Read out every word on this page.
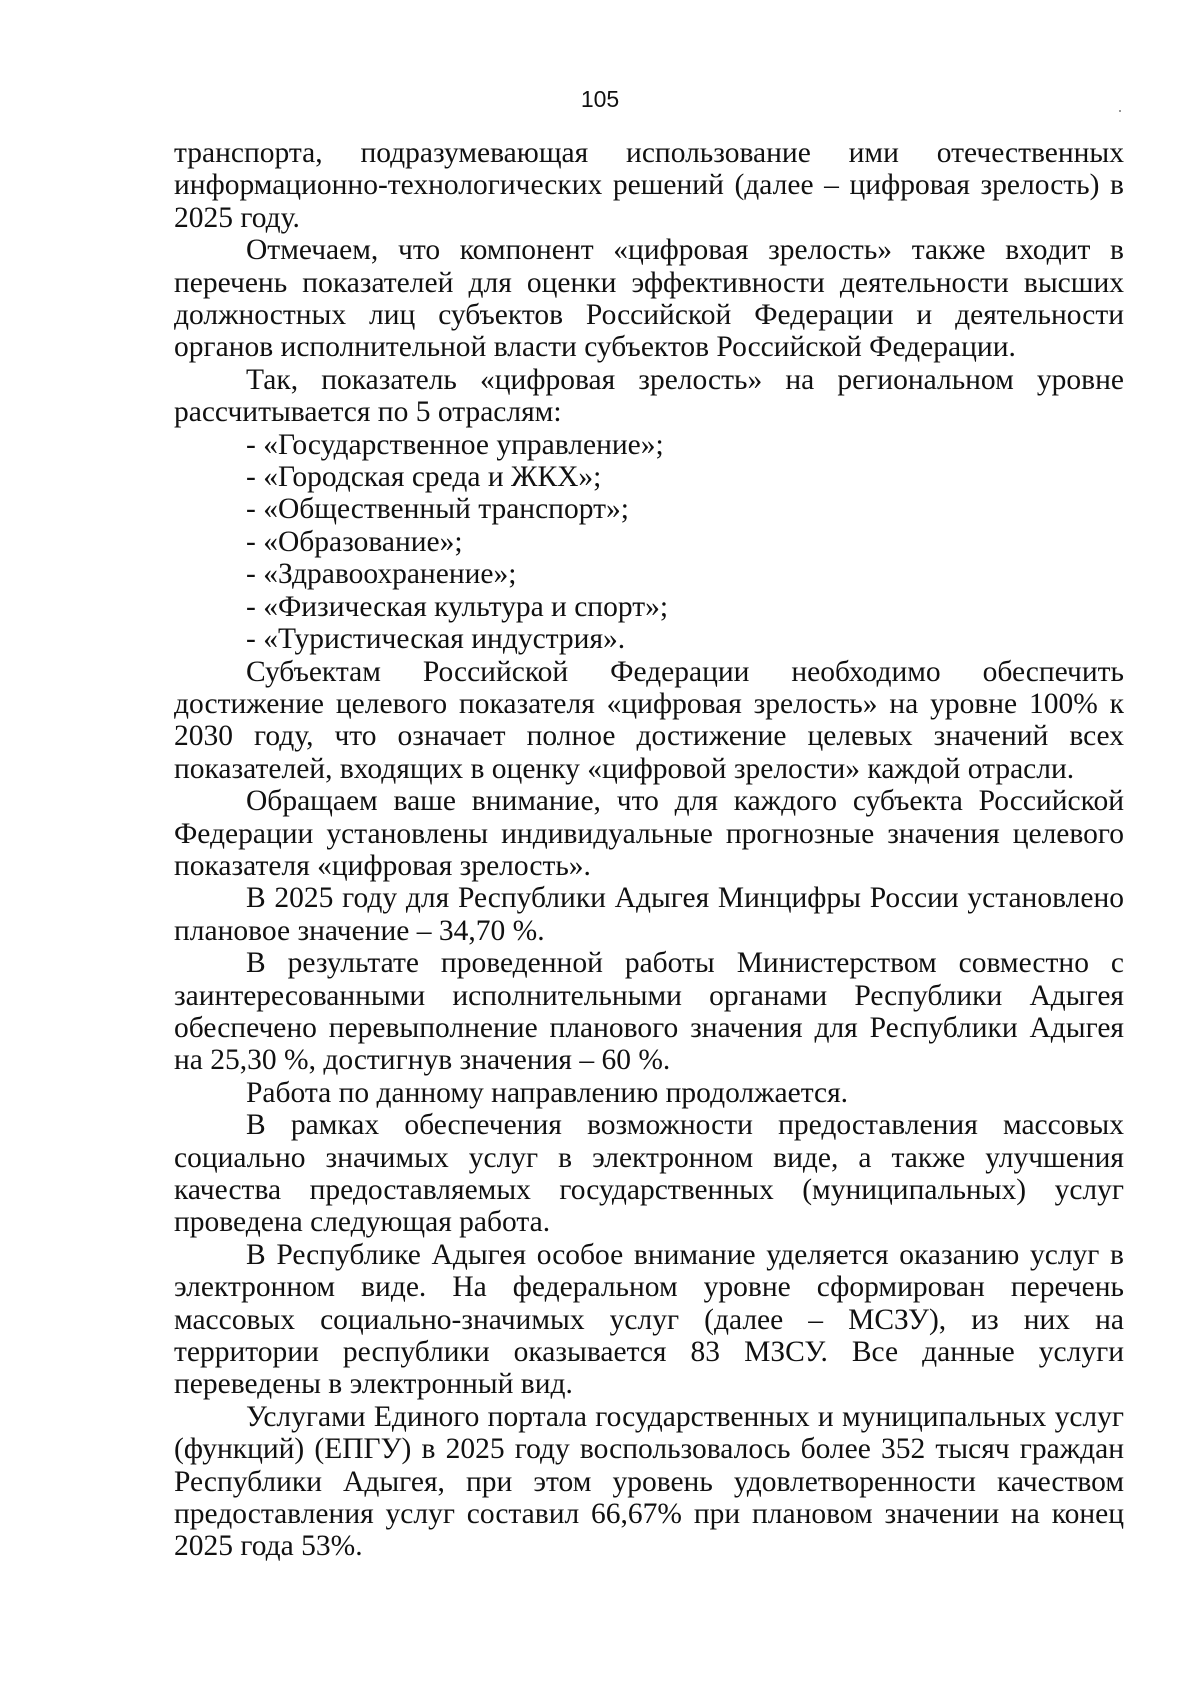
105

транспорта, подразумевающая использование ими отечественных информационно-технологических решений (далее – цифровая зрелость) в 2025 году.

Отмечаем, что компонент «цифровая зрелость» также входит в перечень показателей для оценки эффективности деятельности высших должностных лиц субъектов Российской Федерации и деятельности органов исполнительной власти субъектов Российской Федерации.

Так, показатель «цифровая зрелость» на региональном уровне рассчитывается по 5 отраслям:

- «Государственное управление»;

- «Городская среда и ЖКХ»;

- «Общественный транспорт»;

- «Образование»;

- «Здравоохранение»;

- «Физическая культура и спорт»;

- «Туристическая индустрия».

Субъектам Российской Федерации необходимо обеспечить достижение целевого показателя «цифровая зрелость» на уровне 100% к 2030 году, что означает полное достижение целевых значений всех показателей, входящих в оценку «цифровой зрелости» каждой отрасли.

Обращаем ваше внимание, что для каждого субъекта Российской Федерации установлены индивидуальные прогнозные значения целевого показателя «цифровая зрелость».

В 2025 году для Республики Адыгея Минцифры России установлено плановое значение – 34,70 %.

В результате проведенной работы Министерством совместно с заинтересованными исполнительными органами Республики Адыгея обеспечено перевыполнение планового значения для Республики Адыгея на 25,30 %, достигнув значения – 60 %.

Работа по данному направлению продолжается.

В рамках обеспечения возможности предоставления массовых социально значимых услуг в электронном виде, а также улучшения качества предоставляемых государственных (муниципальных) услуг проведена следующая работа.

В Республике Адыгея особое внимание уделяется оказанию услуг в электронном виде. На федеральном уровне сформирован перечень массовых социально-значимых услуг (далее – МСЗУ), из них на территории республики оказывается 83 МЗСУ. Все данные услуги переведены в электронный вид.

Услугами Единого портала государственных и муниципальных услуг (функций) (ЕПГУ) в 2025 году воспользовалось более 352 тысяч граждан Республики Адыгея, при этом уровень удовлетворенности качеством предоставления услуг составил 66,67% при плановом значении на конец 2025 года 53%.
